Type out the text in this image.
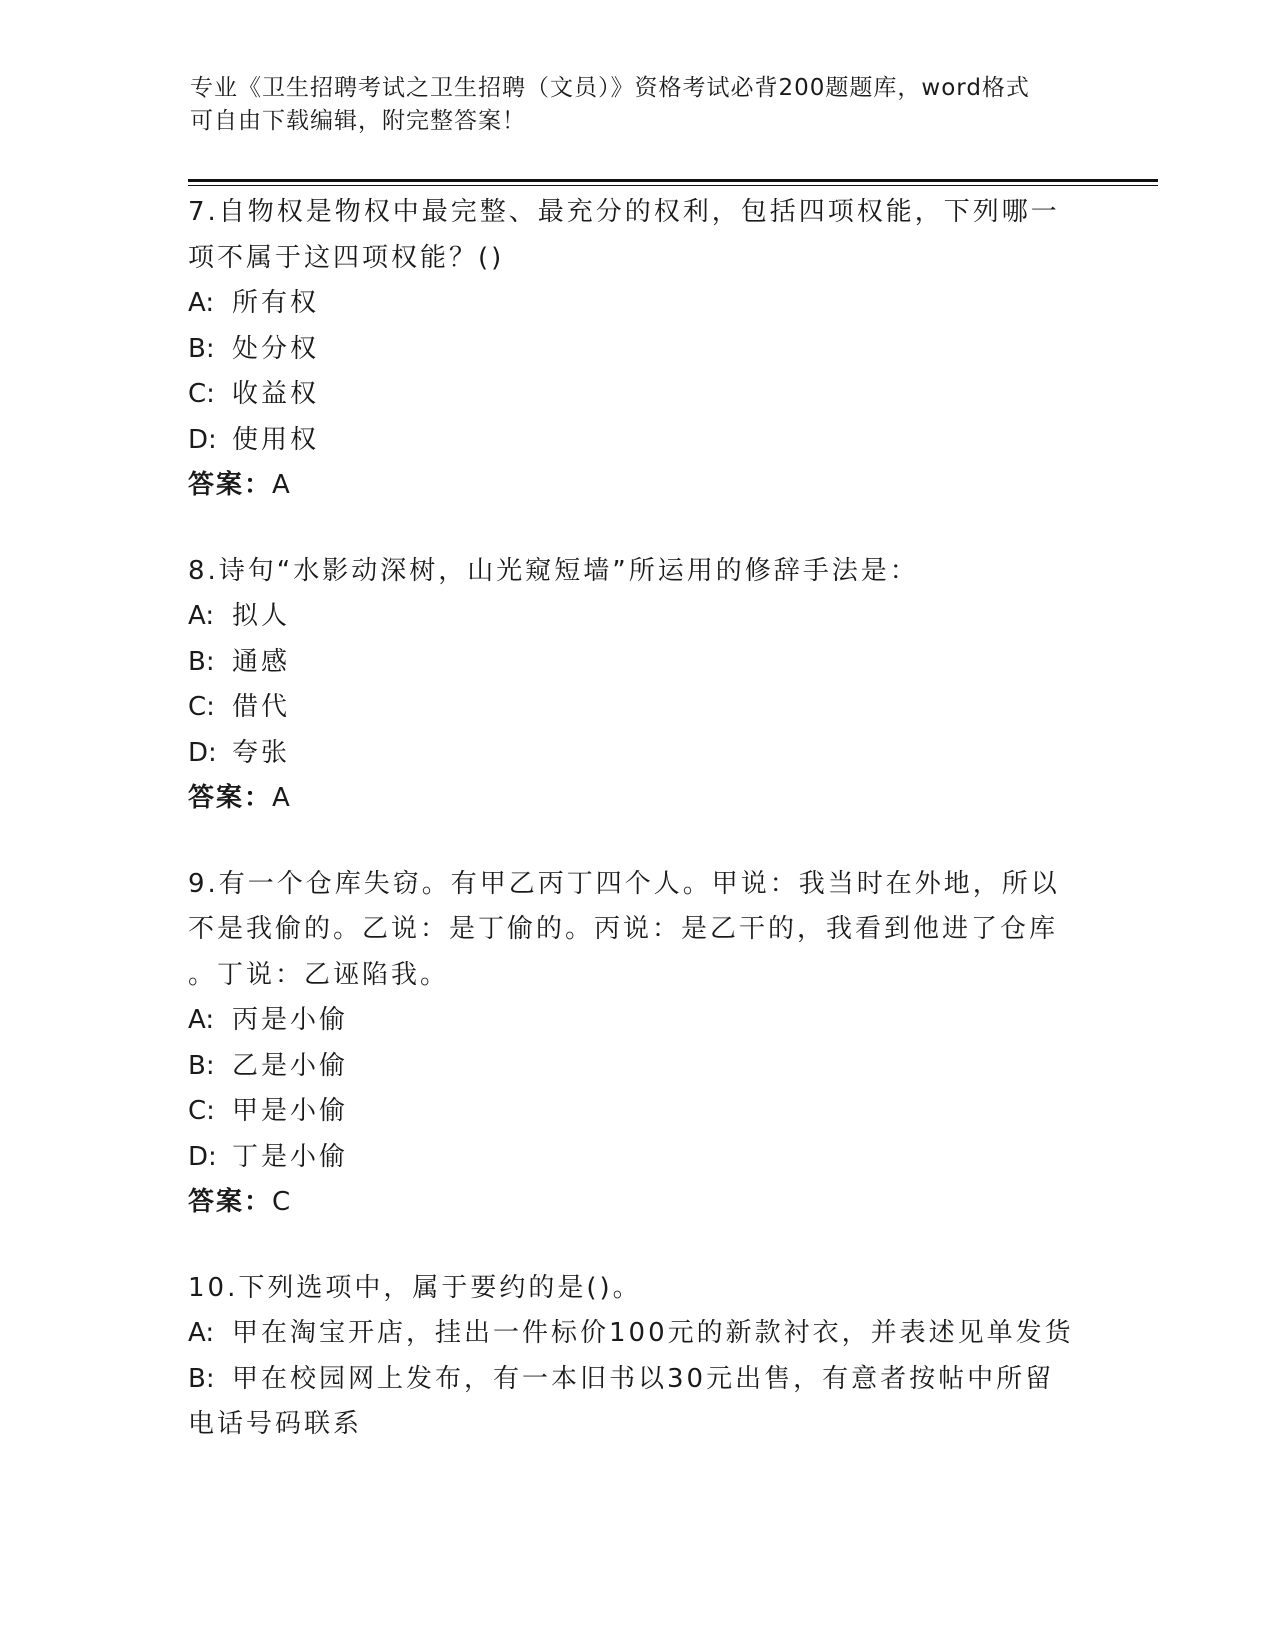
专业《卫生招聘考试之卫生招聘（文员）》资格考试必背200题题库，word格式
可自由下载编辑，附完整答案！
7.自物权是物权中最完整、最充分的权利，包括四项权能，下列哪一
项不属于这四项权能？()
A: 所有权
B: 处分权
C: 收益权
D: 使用权
答案：A
8.诗句“水影动深树，山光窥短墙”所运用的修辞手法是：
A: 拟人
B: 通感
C: 借代
D: 夸张
答案：A
9.有一个仓库失窃。有甲乙丙丁四个人。甲说：我当时在外地，所以
不是我偷的。乙说：是丁偷的。丙说：是乙干的，我看到他进了仓库
。丁说：乙诬陷我。
A: 丙是小偷
B: 乙是小偷
C: 甲是小偷
D: 丁是小偷
答案：C
10.下列选项中，属于要约的是()。
A: 甲在淘宝开店，挂出一件标价100元的新款衬衣，并表述见单发货
B: 甲在校园网上发布，有一本旧书以30元出售，有意者按帖中所留
电话号码联系
